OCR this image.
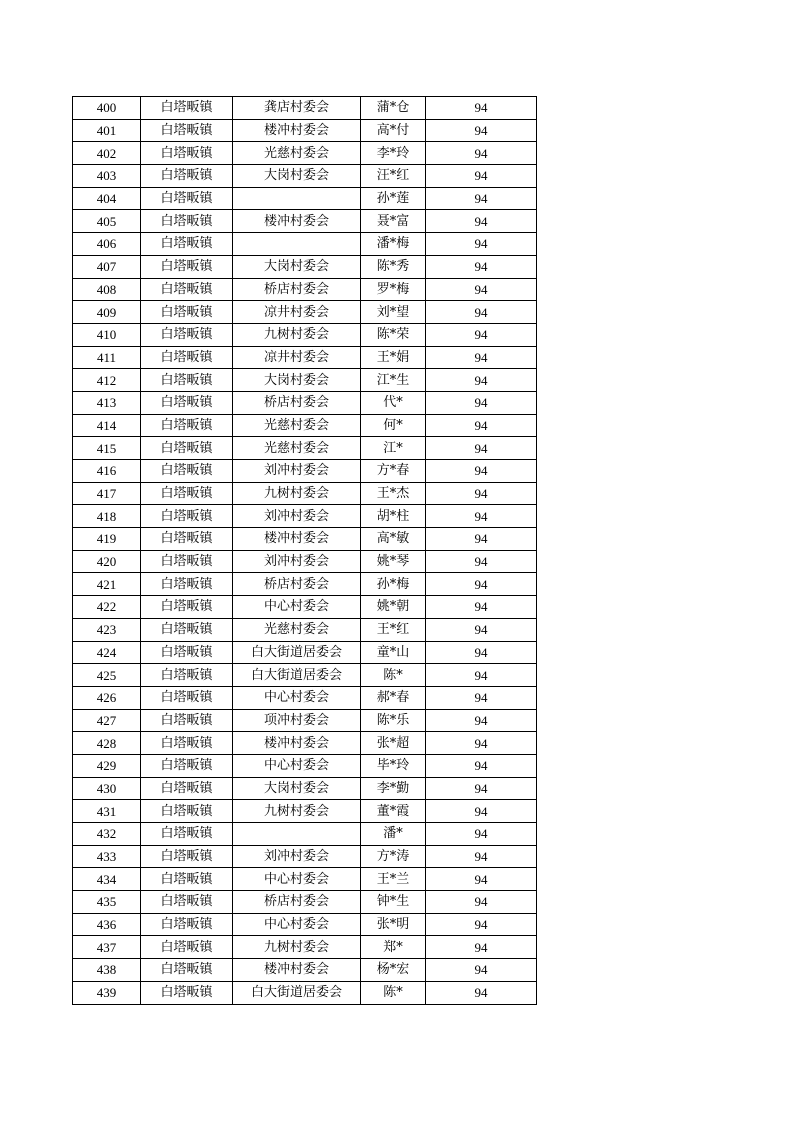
400	白塔畈镇	龚店村委会	蒲*仓	94
401	白塔畈镇	楼冲村委会	高*付	94
402	白塔畈镇	光慈村委会	李*玲	94
403	白塔畈镇	大岗村委会	汪*红	94
404	白塔畈镇		孙*莲	94
405	白塔畈镇	楼冲村委会	聂*富	94
406	白塔畈镇		潘*梅	94
407	白塔畈镇	大岗村委会	陈*秀	94
408	白塔畈镇	桥店村委会	罗*梅	94
409	白塔畈镇	凉井村委会	刘*望	94
410	白塔畈镇	九树村委会	陈*荣	94
411	白塔畈镇	凉井村委会	王*娟	94
412	白塔畈镇	大岗村委会	江*生	94
413	白塔畈镇	桥店村委会	代*	94
414	白塔畈镇	光慈村委会	何*	94
415	白塔畈镇	光慈村委会	江*	94
416	白塔畈镇	刘冲村委会	方*春	94
417	白塔畈镇	九树村委会	王*杰	94
418	白塔畈镇	刘冲村委会	胡*柱	94
419	白塔畈镇	楼冲村委会	高*敏	94
420	白塔畈镇	刘冲村委会	姚*琴	94
421	白塔畈镇	桥店村委会	孙*梅	94
422	白塔畈镇	中心村委会	姚*朝	94
423	白塔畈镇	光慈村委会	王*红	94
424	白塔畈镇	白大街道居委会	童*山	94
425	白塔畈镇	白大街道居委会	陈*	94
426	白塔畈镇	中心村委会	郝*春	94
427	白塔畈镇	项冲村委会	陈*乐	94
428	白塔畈镇	楼冲村委会	张*超	94
429	白塔畈镇	中心村委会	毕*玲	94
430	白塔畈镇	大岗村委会	李*勤	94
431	白塔畈镇	九树村委会	董*霞	94
432	白塔畈镇		潘*	94
433	白塔畈镇	刘冲村委会	方*涛	94
434	白塔畈镇	中心村委会	王*兰	94
435	白塔畈镇	桥店村委会	钟*生	94
436	白塔畈镇	中心村委会	张*明	94
437	白塔畈镇	九树村委会	郑*	94
438	白塔畈镇	楼冲村委会	杨*宏	94
439	白塔畈镇	白大街道居委会	陈*	94
